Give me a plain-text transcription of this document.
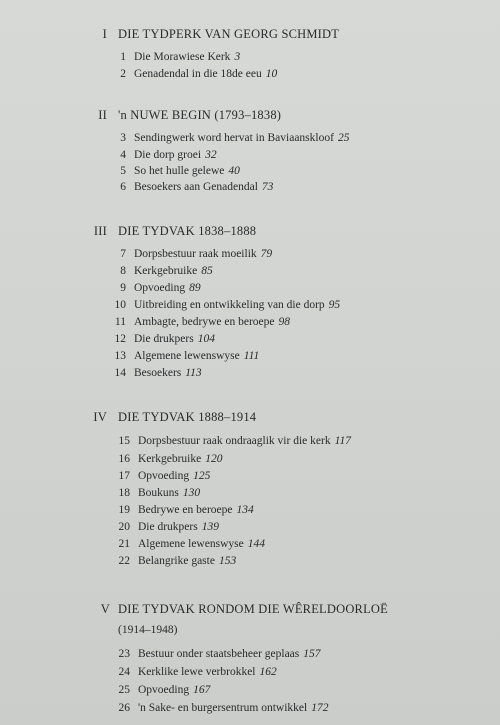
I DIE TYDPERK VAN GEORG SCHMIDT
1 Die Morawiese Kerk 3
2 Genadendal in die 18de eeu 10
II 'n NUWE BEGIN (1793–1838)
3 Sendingwerk word hervat in Baviaanskloof 25
4 Die dorp groei 32
5 So het hulle gelewe 40
6 Besoekers aan Genadendal 73
III DIE TYDVAK 1838–1888
7 Dorpsbestuur raak moeilik 79
8 Kerkgebruike 85
9 Opvoeding 89
10 Uitbreiding en ontwikkeling van die dorp 95
11 Ambagte, bedrywe en beroepe 98
12 Die drukpers 104
13 Algemene lewenswyse 111
14 Besoekers 113
IV DIE TYDVAK 1888–1914
15 Dorpsbestuur raak ondraaglik vir die kerk 117
16 Kerkgebruike 120
17 Opvoeding 125
18 Boukuns 130
19 Bedrywe en beroepe 134
20 Die drukpers 139
21 Algemene lewenswyse 144
22 Belangrike gaste 153
V DIE TYDVAK RONDOM DIE WÊRELDOORLOË
(1914–1948)
23 Bestuur onder staatsbeheer geplaas 157
24 Kerklike lewe verbrokkel 162
25 Opvoeding 167
26 'n Sake- en burgersentrum ontwikkel 172
